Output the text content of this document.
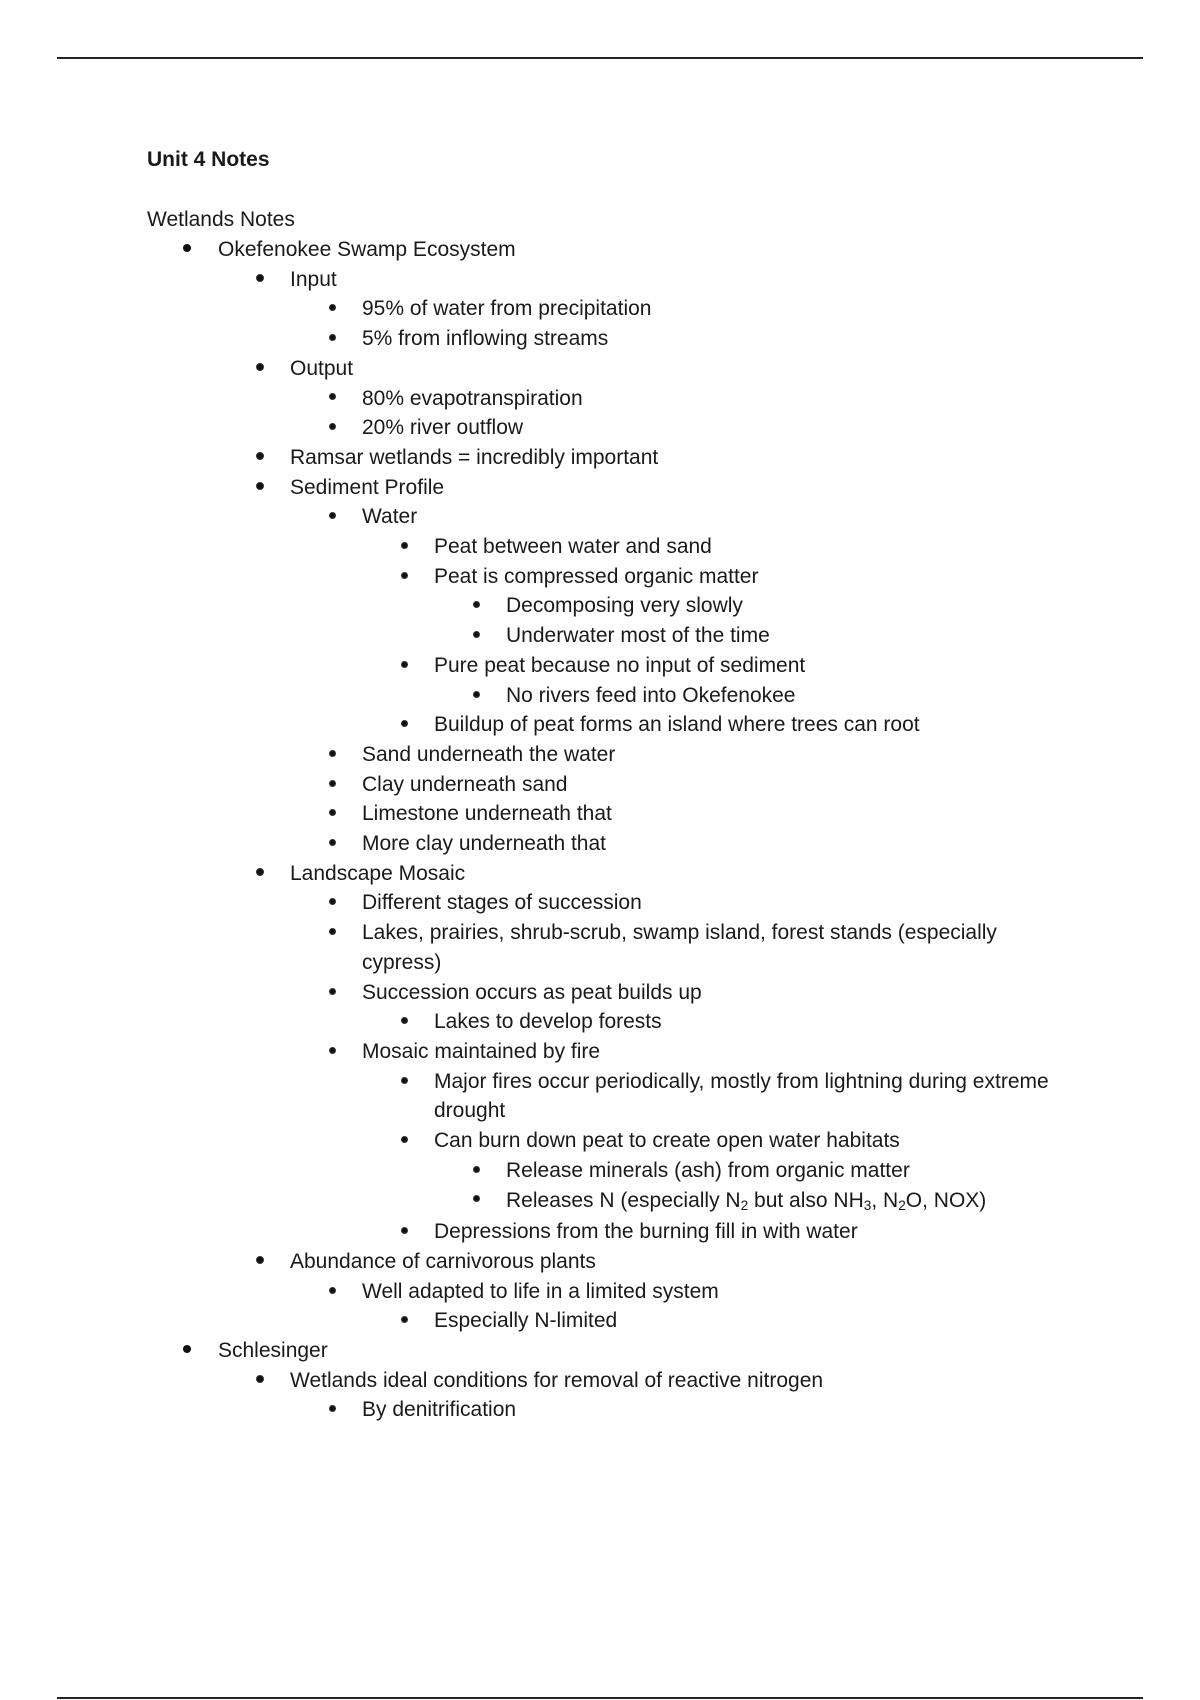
Unit 4 Notes

Wetlands Notes

Okefenokee Swamp Ecosystem
Input
95% of water from precipitation
5% from inflowing streams
Output
80% evapotranspiration
20% river outflow
Ramsar wetlands = incredibly important
Sediment Profile
Water
Peat between water and sand
Peat is compressed organic matter
Decomposing very slowly
Underwater most of the time
Pure peat because no input of sediment
No rivers feed into Okefenokee
Buildup of peat forms an island where trees can root
Sand underneath the water
Clay underneath sand
Limestone underneath that
More clay underneath that
Landscape Mosaic
Different stages of succession
Lakes, prairies, shrub-scrub, swamp island, forest stands (especially cypress)
Succession occurs as peat builds up
Lakes to develop forests
Mosaic maintained by fire
Major fires occur periodically, mostly from lightning during extreme drought
Can burn down peat to create open water habitats
Release minerals (ash) from organic matter
Releases N (especially $N_2$ but also $NH_3$, $N_2O$, NOX)
Depressions from the burning fill in with water
Abundance of carnivorous plants
Well adapted to life in a limited system
Especially N-limited
Schlesinger
Wetlands ideal conditions for removal of reactive nitrogen
By denitrification
